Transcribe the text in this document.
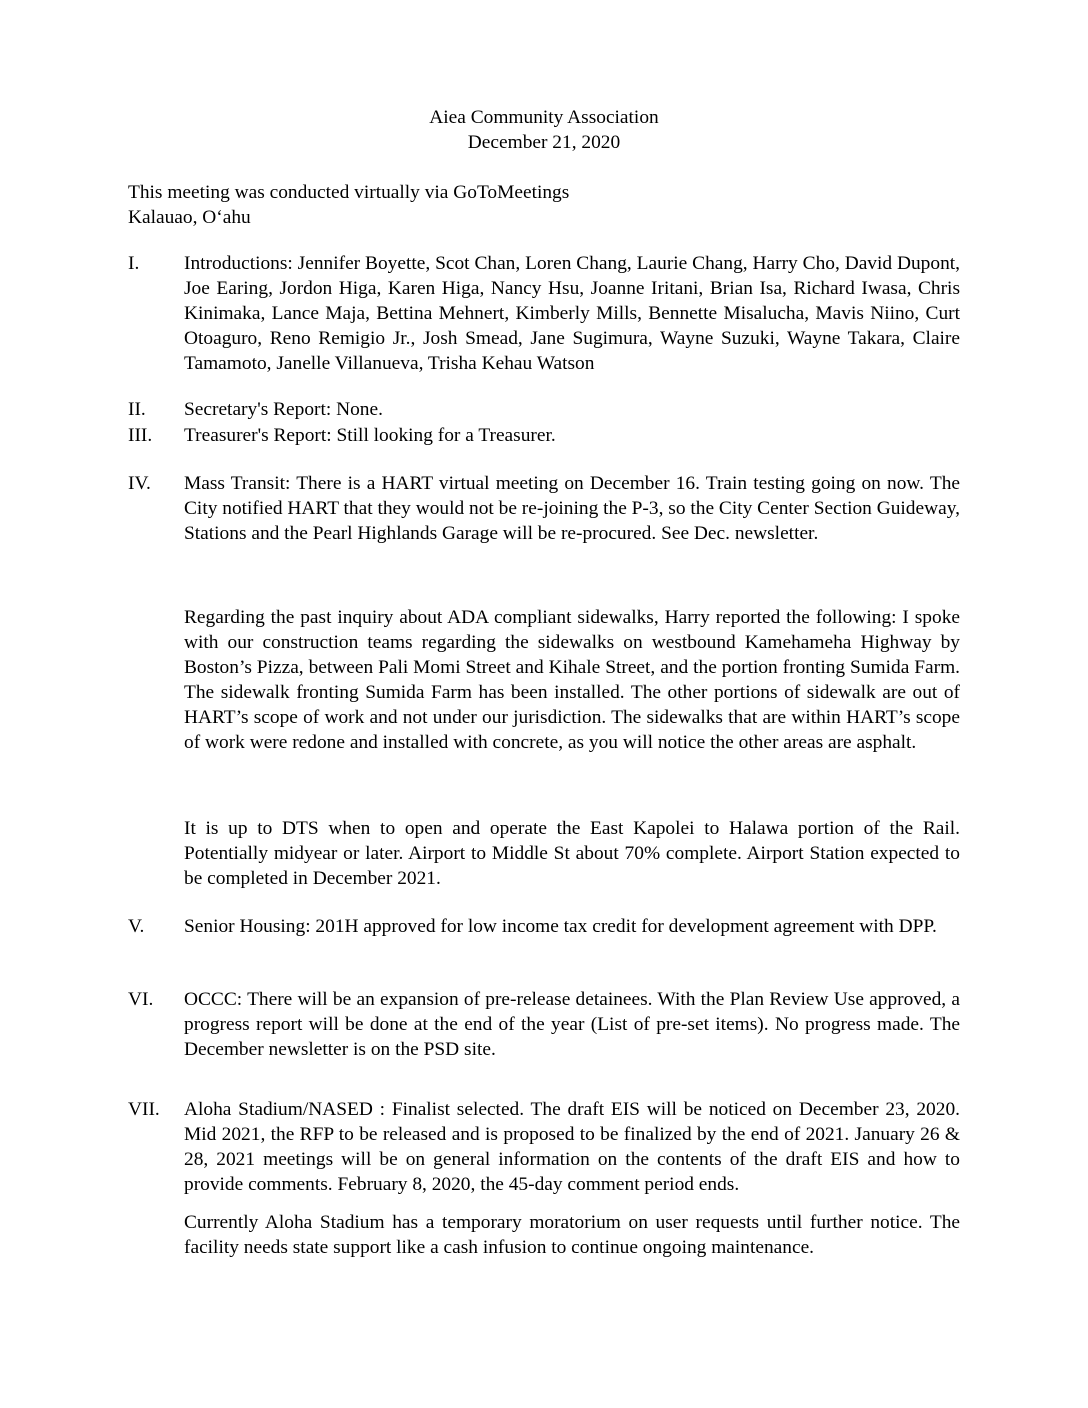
Aiea Community Association
December 21, 2020
This meeting was conducted virtually via GoToMeetings
Kalauao, O‘ahu
I.	Introductions: Jennifer Boyette, Scot Chan, Loren Chang, Laurie Chang, Harry Cho, David Dupont, Joe Earing, Jordon Higa, Karen Higa, Nancy Hsu, Joanne Iritani, Brian Isa, Richard Iwasa, Chris Kinimaka, Lance Maja, Bettina Mehnert, Kimberly Mills, Bennette Misalucha, Mavis Niino, Curt Otoaguro, Reno Remigio Jr., Josh Smead, Jane Sugimura, Wayne Suzuki, Wayne Takara, Claire Tamamoto, Janelle Villanueva, Trisha Kehau Watson
II.	Secretary's Report: None.
III.	Treasurer's Report: Still looking for a Treasurer.
IV.	Mass Transit: There is a HART virtual meeting on December 16. Train testing going on now. The City notified HART that they would not be re-joining the P-3, so the City Center Section Guideway, Stations and the Pearl Highlands Garage will be re-procured. See Dec. newsletter.
Regarding the past inquiry about ADA compliant sidewalks, Harry reported the following: I spoke with our construction teams regarding the sidewalks on westbound Kamehameha Highway by Boston’s Pizza, between Pali Momi Street and Kihale Street, and the portion fronting Sumida Farm. The sidewalk fronting Sumida Farm has been installed. The other portions of sidewalk are out of HART’s scope of work and not under our jurisdiction. The sidewalks that are within HART’s scope of work were redone and installed with concrete, as you will notice the other areas are asphalt.
It is up to DTS when to open and operate the East Kapolei to Halawa portion of the Rail. Potentially midyear or later. Airport to Middle St about 70% complete. Airport Station expected to be completed in December 2021.
V.	Senior Housing: 201H approved for low income tax credit for development agreement with DPP.
VI.	OCCC: There will be an expansion of pre-release detainees. With the Plan Review Use approved, a progress report will be done at the end of the year (List of pre-set items). No progress made. The December newsletter is on the PSD site.
VII.	Aloha Stadium/NASED : Finalist selected. The draft EIS will be noticed on December 23, 2020. Mid 2021, the RFP to be released and is proposed to be finalized by the end of 2021. January 26 & 28, 2021 meetings will be on general information on the contents of the draft EIS and how to provide comments. February 8, 2020, the 45-day comment period ends.
Currently Aloha Stadium has a temporary moratorium on user requests until further notice. The facility needs state support like a cash infusion to continue ongoing maintenance.
